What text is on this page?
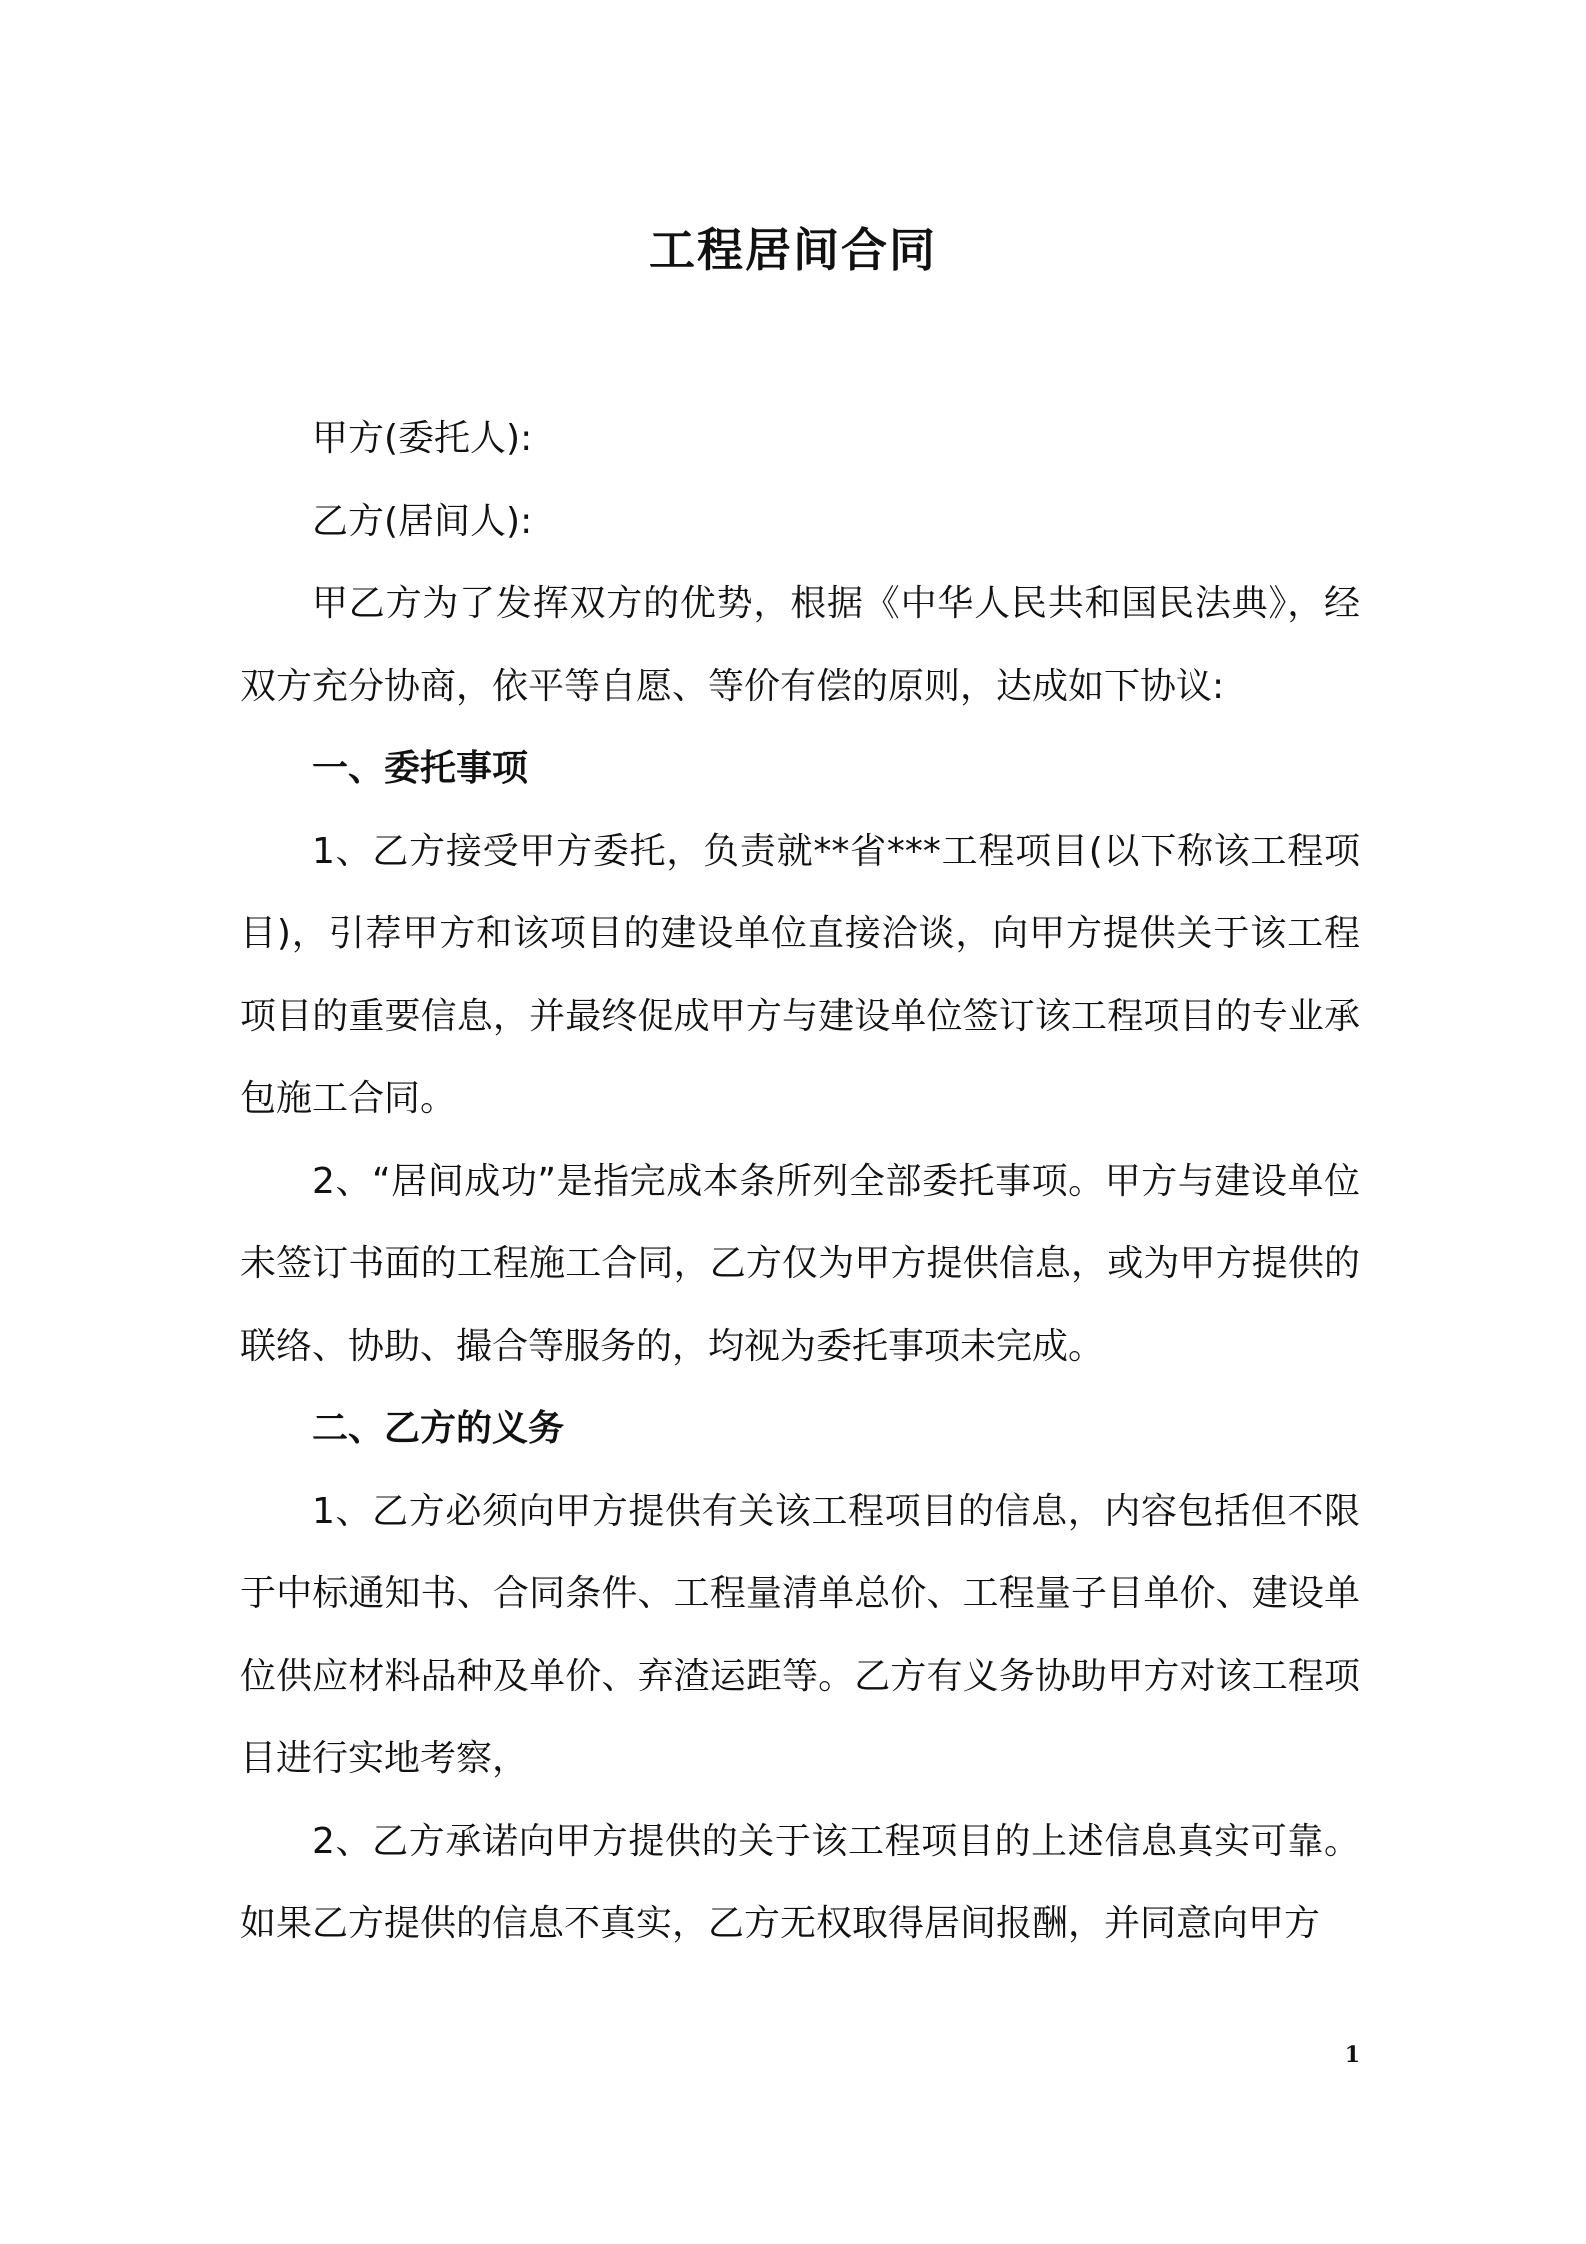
工程居间合同

甲方(委托人):

乙方(居间人):

甲乙方为了发挥双方的优势，根据《中华人民共和国民法典》，经双方充分协商，依平等自愿、等价有偿的原则，达成如下协议:

一、委托事项

1、乙方接受甲方委托，负责就**省***工程项目(以下称该工程项目)，引荐甲方和该项目的建设单位直接洽谈，向甲方提供关于该工程项目的重要信息，并最终促成甲方与建设单位签订该工程项目的专业承包施工合同。

2、“居间成功”是指完成本条所列全部委托事项。甲方与建设单位未签订书面的工程施工合同，乙方仅为甲方提供信息，或为甲方提供的联络、协助、撮合等服务的，均视为委托事项未完成。

二、乙方的义务

1、乙方必须向甲方提供有关该工程项目的信息，内容包括但不限于中标通知书、合同条件、工程量清单总价、工程量子目单价、建设单位供应材料品种及单价、弃渣运距等。乙方有义务协助甲方对该工程项目进行实地考察，

2、乙方承诺向甲方提供的关于该工程项目的上述信息真实可靠。如果乙方提供的信息不真实，乙方无权取得居间报酬，并同意向甲方

1
